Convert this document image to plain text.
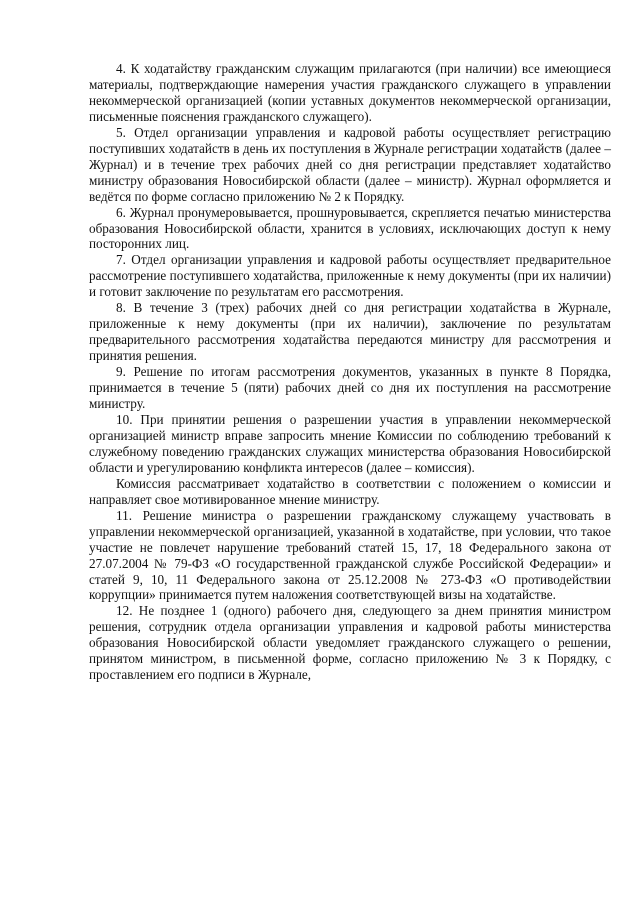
4. К ходатайству гражданским служащим прилагаются (при наличии) все имеющиеся материалы, подтверждающие намерения участия гражданского служащего в управлении некоммерческой организацией (копии уставных документов некоммерческой организации, письменные пояснения гражданского служащего).

5. Отдел организации управления и кадровой работы осуществляет регистрацию поступивших ходатайств в день их поступления в Журнале регистрации ходатайств (далее – Журнал) и в течение трех рабочих дней со дня регистрации представляет ходатайство министру образования Новосибирской области (далее – министр). Журнал оформляется и ведётся по форме согласно приложению № 2 к Порядку.

6. Журнал пронумеровывается, прошнуровывается, скрепляется печатью министерства образования Новосибирской области, хранится в условиях, исключающих доступ к нему посторонних лиц.

7. Отдел организации управления и кадровой работы осуществляет предварительное рассмотрение поступившего ходатайства, приложенные к нему документы (при их наличии) и готовит заключение по результатам его рассмотрения.

8. В течение 3 (трех) рабочих дней со дня регистрации ходатайства в Журнале, приложенные к нему документы (при их наличии), заключение по результатам предварительного рассмотрения ходатайства передаются министру для рассмотрения и принятия решения.

9. Решение по итогам рассмотрения документов, указанных в пункте 8 Порядка, принимается в течение 5 (пяти) рабочих дней со дня их поступления на рассмотрение министру.

10. При принятии решения о разрешении участия в управлении некоммерческой организацией министр вправе запросить мнение Комиссии по соблюдению требований к служебному поведению гражданских служащих министерства образования Новосибирской области и урегулированию конфликта интересов (далее – комиссия).

Комиссия рассматривает ходатайство в соответствии с положением о комиссии и направляет свое мотивированное мнение министру.

11. Решение министра о разрешении гражданскому служащему участвовать в управлении некоммерческой организацией, указанной в ходатайстве, при условии, что такое участие не повлечет нарушение требований статей 15, 17, 18 Федерального закона от 27.07.2004 № 79-ФЗ «О государственной гражданской службе Российской Федерации» и статей 9, 10, 11 Федерального закона от 25.12.2008 № 273-ФЗ «О противодействии коррупции» принимается путем наложения соответствующей визы на ходатайстве.

12. Не позднее 1 (одного) рабочего дня, следующего за днем принятия министром решения, сотрудник отдела организации управления и кадровой работы министерства образования Новосибирской области уведомляет гражданского служащего о решении, принятом министром, в письменной форме, согласно приложению № 3 к Порядку, с проставлением его подписи в Журнале,
